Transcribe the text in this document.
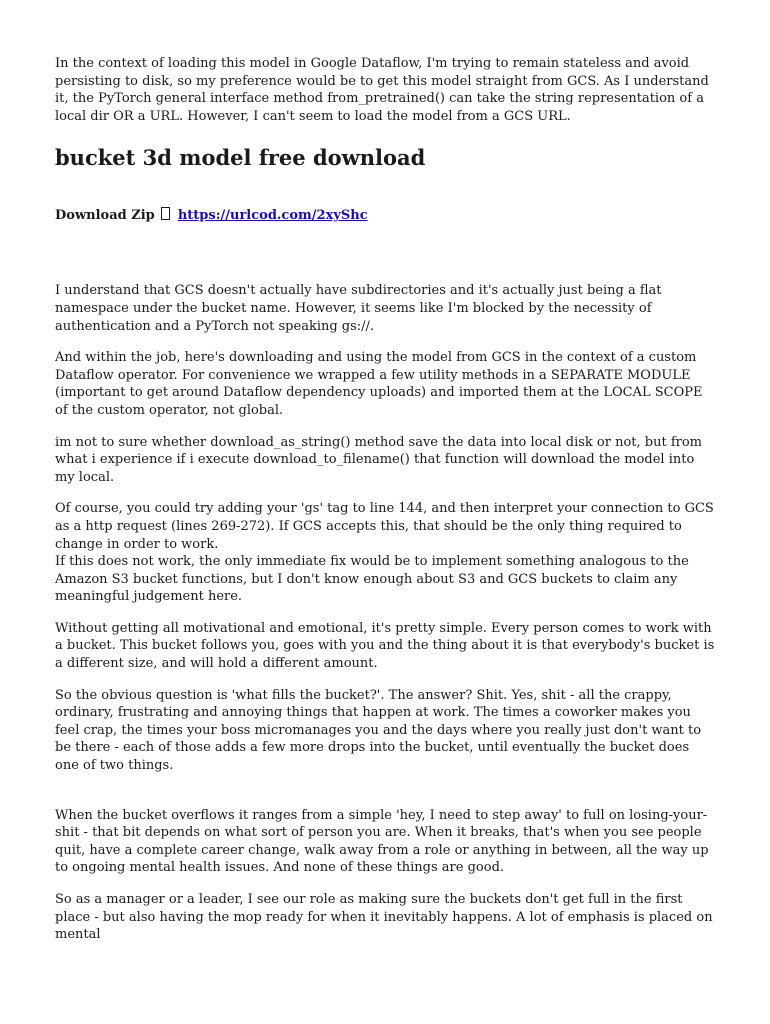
In the context of loading this model in Google Dataflow, I'm trying to remain stateless and avoid persisting to disk, so my preference would be to get this model straight from GCS. As I understand it, the PyTorch general interface method from_pretrained() can take the string representation of a local dir OR a URL. However, I can't seem to load the model from a GCS URL.

bucket 3d model free download
Download Zip https://urlcod.com/2xyShc

I understand that GCS doesn't actually have subdirectories and it's actually just being a flat namespace under the bucket name. However, it seems like I'm blocked by the necessity of authentication and a PyTorch not speaking gs://.

And within the job, here's downloading and using the model from GCS in the context of a custom Dataflow operator. For convenience we wrapped a few utility methods in a SEPARATE MODULE (important to get around Dataflow dependency uploads) and imported them at the LOCAL SCOPE of the custom operator, not global.

im not to sure whether download_as_string() method save the data into local disk or not, but from what i experience if i execute download_to_filename() that function will download the model into my local.

Of course, you could try adding your 'gs' tag to line 144, and then interpret your connection to GCS as a http request (lines 269-272). If GCS accepts this, that should be the only thing required to change in order to work.

If this does not work, the only immediate fix would be to implement something analogous to the Amazon S3 bucket functions, but I don't know enough about S3 and GCS buckets to claim any meaningful judgement here.

Without getting all motivational and emotional, it's pretty simple. Every person comes to work with a bucket. This bucket follows you, goes with you and the thing about it is that everybody's bucket is a different size, and will hold a different amount.

So the obvious question is 'what fills the bucket?'. The answer? Shit. Yes, shit - all the crappy, ordinary, frustrating and annoying things that happen at work. The times a coworker makes you feel crap, the times your boss micromanages you and the days where you really just don't want to be there - each of those adds a few more drops into the bucket, until eventually the bucket does one of two things.

When the bucket overflows it ranges from a simple 'hey, I need to step away' to full on losing-your-shit - that bit depends on what sort of person you are. When it breaks, that's when you see people quit, have a complete career change, walk away from a role or anything in between, all the way up to ongoing mental health issues. And none of these things are good.

So as a manager or a leader, I see our role as making sure the buckets don't get full in the first place - but also having the mop ready for when it inevitably happens. A lot of emphasis is placed on mental
